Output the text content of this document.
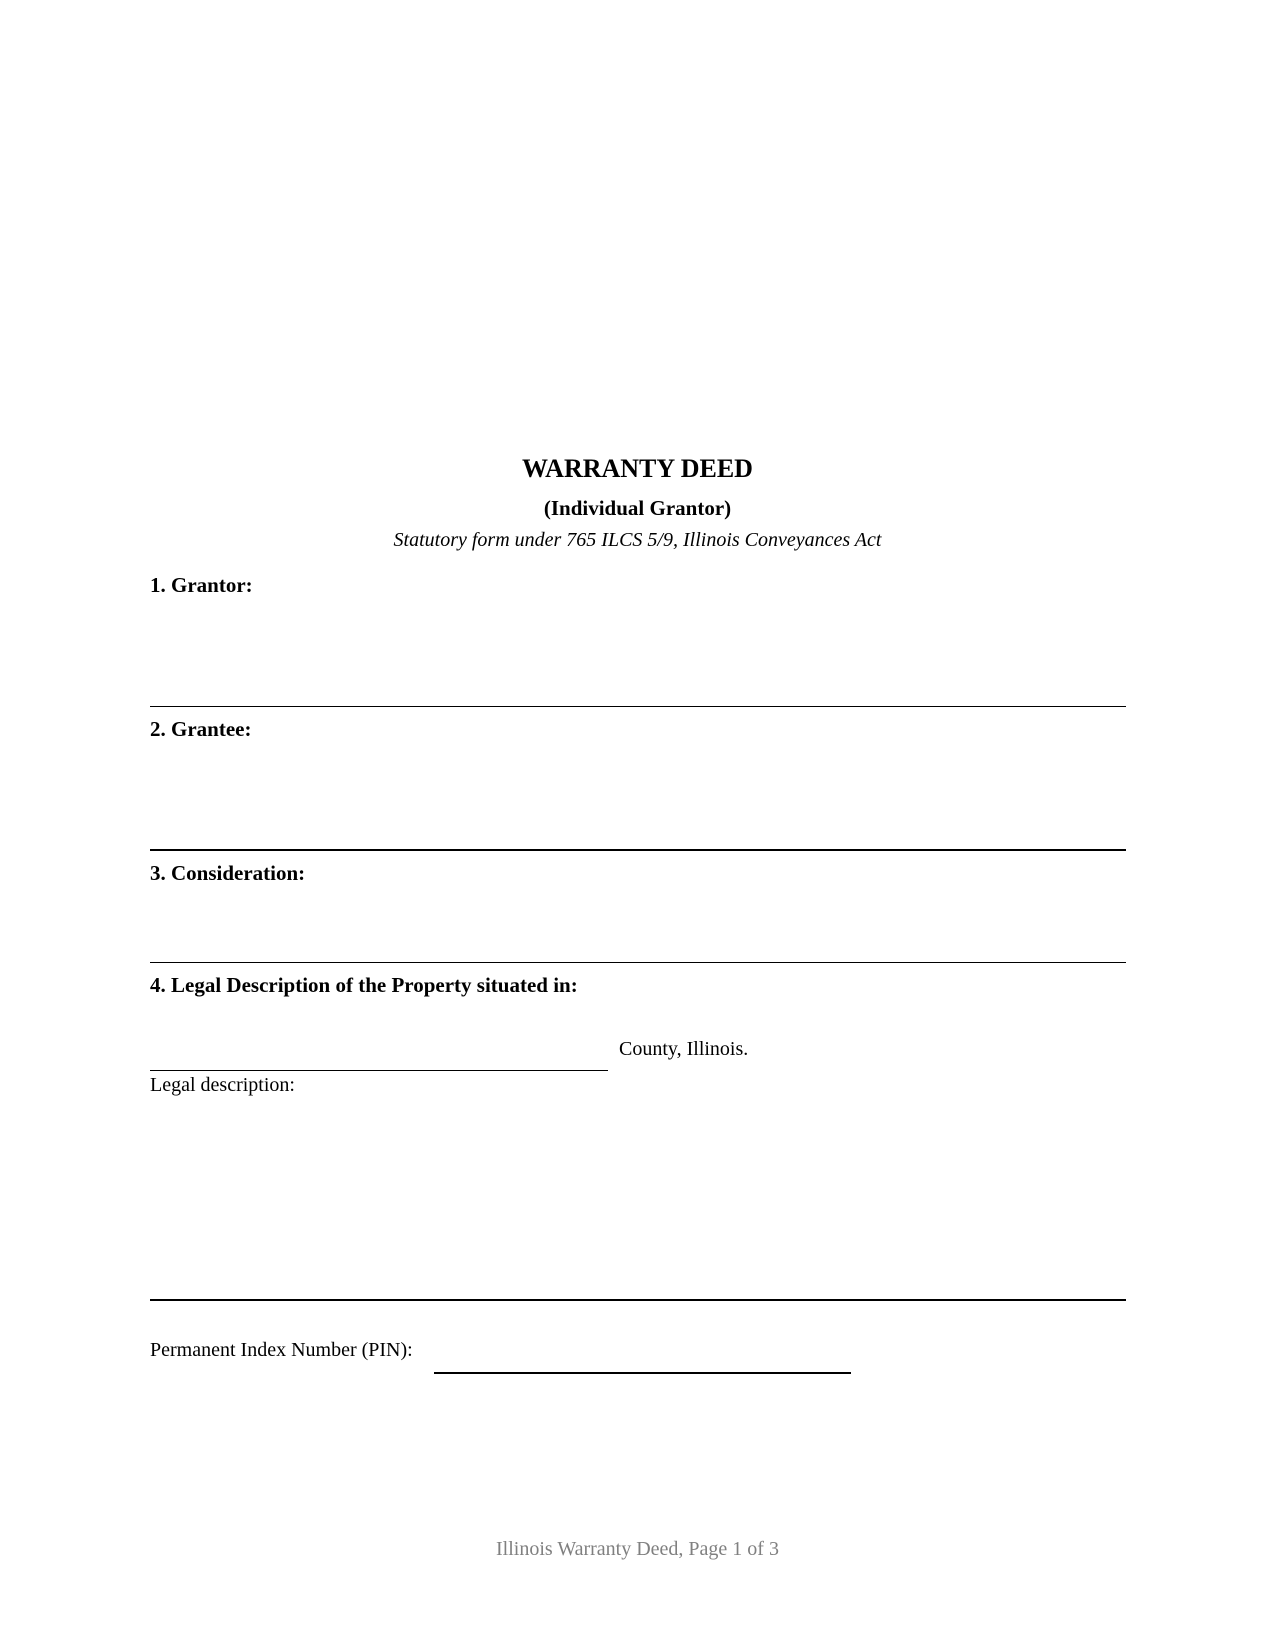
WARRANTY DEED
(Individual Grantor)
Statutory form under 765 ILCS 5/9, Illinois Conveyances Act
1. Grantor:
2. Grantee:
3. Consideration:
4. Legal Description of the Property situated in:
County, Illinois.
Legal description:
Permanent Index Number (PIN):
Illinois Warranty Deed, Page 1 of 3
